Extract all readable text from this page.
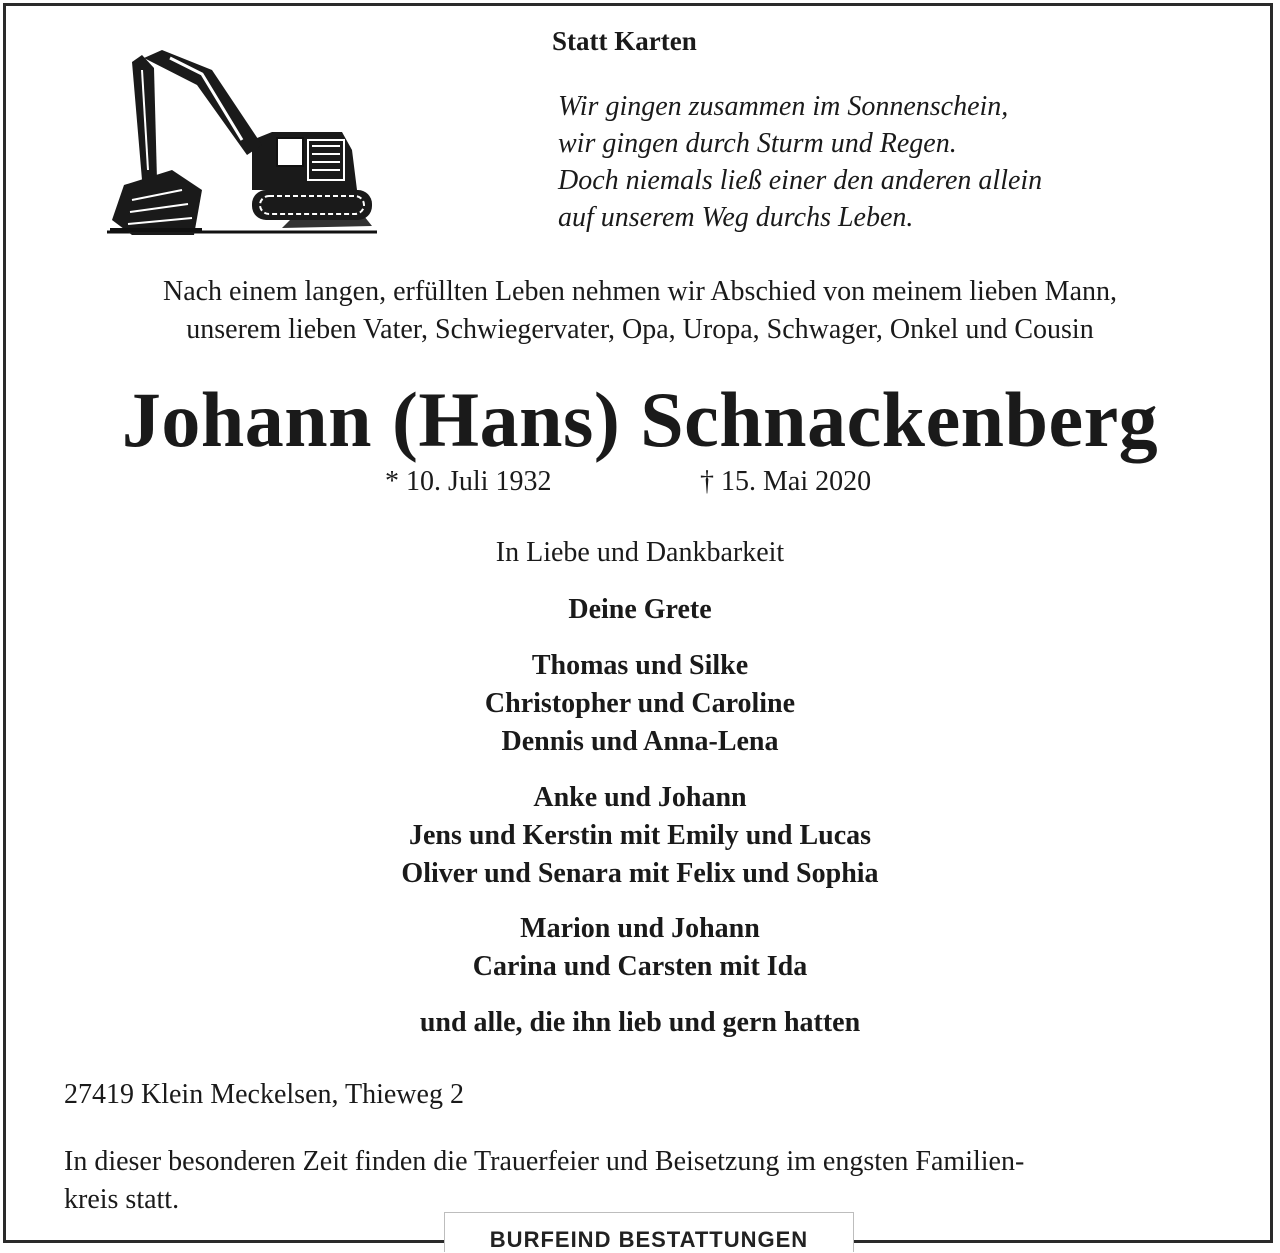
Statt Karten
Wir gingen zusammen im Sonnenschein,
wir gingen durch Sturm und Regen.
Doch niemals ließ einer den anderen allein
auf unserem Weg durchs Leben.
Nach einem langen, erfüllten Leben nehmen wir Abschied von meinem lieben Mann,
unserem lieben Vater, Schwiegervater, Opa, Uropa, Schwager, Onkel und Cousin
Johann (Hans) Schnackenberg
* 10. Juli 1932	† 15. Mai 2020
In Liebe und Dankbarkeit
Deine Grete
Thomas und Silke
Christopher und Caroline
Dennis und Anna-Lena
Anke und Johann
Jens und Kerstin mit Emily und Lucas
Oliver und Senara mit Felix und Sophia
Marion und Johann
Carina und Carsten mit Ida
und alle, die ihn lieb und gern hatten
27419 Klein Meckelsen, Thieweg 2
In dieser besonderen Zeit finden die Trauerfeier und Beisetzung im engsten Familien-
kreis statt.
BURFEIND BESTATTUNGEN
